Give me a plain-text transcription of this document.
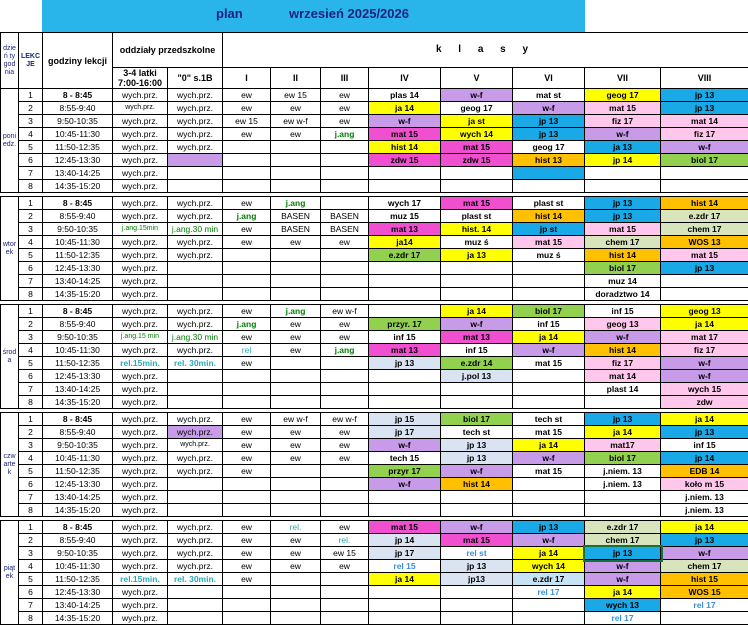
plan	wrzesień 2025/2026
dzień tygodnia	LEKCJE	godziny lekcji	oddziały przedszkolne		k l a s y							
			3-4 latki 7:00-16:00	"0" s.1B	I	II	III	IV	V	VI	VII	VIII
poniedz.	1	8 - 8:45	wych.prz.	wych.prz.	ew	ew 15	ew	plas 14	w-f	mat st	geog 17	jp 13
	2	8:55-9:40	wych.prz.	wych.prz.	ew	ew	ew	ja 14	geog 17	w-f	mat 15	jp 13
	3	9:50-10:35	wych.prz.	wych.prz.	ew 15	ew w-f	ew	w-f	ja st	jp 13	fiz 17	mat 14
	4	10:45-11:30	wych.prz.	wych.prz.	ew	ew	j.ang	mat 15	wych 14	jp 13	w-f	fiz 17
	5	11:50-12:35	wych.prz.	wych.prz.				hist 14	mat 15	geog 17	ja 13	w-f
	6	12:45-13:30	wych.prz.					zdw 15	zdw 15	hist 13	jp 14	biol 17
	7	13:40-14:25	wych.prz.									
	8	14:35-15:20	wych.prz.									

wtorek	1	8 - 8:45	wych.prz.	wych.prz.	ew	j.ang		wych 17	mat 15	plast st	jp 13	hist 14
	2	8:55-9:40	wych.prz.	wych.prz.	j.ang	BASEN	BASEN	muz 15	plast st	hist 14	jp 13	e.zdr 17
	3	9:50-10:35	j.ang.15min	j.ang.30 min	ew	BASEN	BASEN	mat 13	hist. 14	jp st	mat 15	chem 17
	4	10:45-11:30	wych.prz.	wych.prz.	ew	ew	ew	ja14	muz ś	mat 15	chem 17	WOS 13
	5	11:50-12:35	wych.prz.	wych.prz.				e.zdr 17	ja 13	muz ś	hist 14	mat 15
	6	12:45-13:30	wych.prz.								biol 17	jp 13
	7	13:40-14:25	wych.prz.								muz 14	
	8	14:35-15:20	wych.prz.								doradztwo 14	

środa	1	8 - 8:45	wych.prz.	wych.prz.	ew	j.ang	ew w-f		ja 14	biol 17	inf 15	geog 13
	2	8:55-9:40	wych.prz.	wych.prz.	j.ang	ew	ew	przyr. 17	w-f	inf 15	geog 13	ja 14
	3	9:50-10:35	j.ang.15 min	j.ang.30 min	ew	ew	ew	inf 15	mat 13	ja 14	w-f	mat 17
	4	10:45-11:30	wych.prz.	wych.prz.	rel	ew	j.ang	mat 13	inf 15	w-f	hist 14	fiz 17
	5	11:50-12:35	rel.15min.	rel. 30min.	ew			jp 13	e.zdr 14	mat 15	fiz 17	w-f
	6	12:45-13:30	wych.prz.						j.pol 13		mat 14	w-f
	7	13:40-14:25	wych.prz.								plast 14	wych 15
	8	14:35-15:20	wych.prz.									zdw

czwartek	1	8 - 8:45	wych.prz.	wych.prz.	ew	ew w-f	ew w-f	jp 15	biol 17	tech st	jp 13	ja 14
	2	8:55-9:40	wych.prz.	wych.prz.	ew	ew	ew	jp 17	tech st	mat 15	ja 14	jp 13
	3	9:50-10:35	wych.prz.	wych.prz.	ew	ew	ew	w-f	jp 13	ja 14	mat17	inf 15
	4	10:45-11:30	wych.prz.	wych.prz.	ew	ew	ew	tech 15	jp 13	w-f	biol 17	jp 14
	5	11:50-12:35	wych.prz.	wych.prz.	ew			przyr 17	w-f	mat 15	j.niem. 13	EDB 14
	6	12:45-13:30	wych.prz.					w-f	hist 14		j.niem. 13	koło m 15
	7	13:40-14:25	wych.prz.									j.niem. 13
	8	14:35-15:20	wych.prz.									j.niem. 13

piątek	1	8 - 8:45	wych.prz.	wych.prz.	ew	rel.	ew	mat 15	w-f	jp 13	e.zdr 17	ja 14
	2	8:55-9:40	wych.prz.	wych.prz.	ew	ew	rel.	jp 14	mat 15	w-f	chem 17	jp 13
	3	9:50-10:35	wych.prz.	wych.prz.	ew	ew	ew 15	jp 17	rel st	ja 14	jp 13	w-f
	4	10:45-11:30	wych.prz.	wych.prz.	ew	ew	ew	rel 15	jp 13	wych 14	w-f	chem 17
	5	11:50-12:35	rel.15min.	rel. 30min.	ew			ja 14	jp13	e.zdr 17	w-f	hist 15
	6	12:45-13:30	wych.prz.							rel 17	ja 14	WOS 15
	7	13:40-14:25	wych.prz.								wych 13	rel 17
	8	14:35-15:20	wych.prz.								rel 17	
